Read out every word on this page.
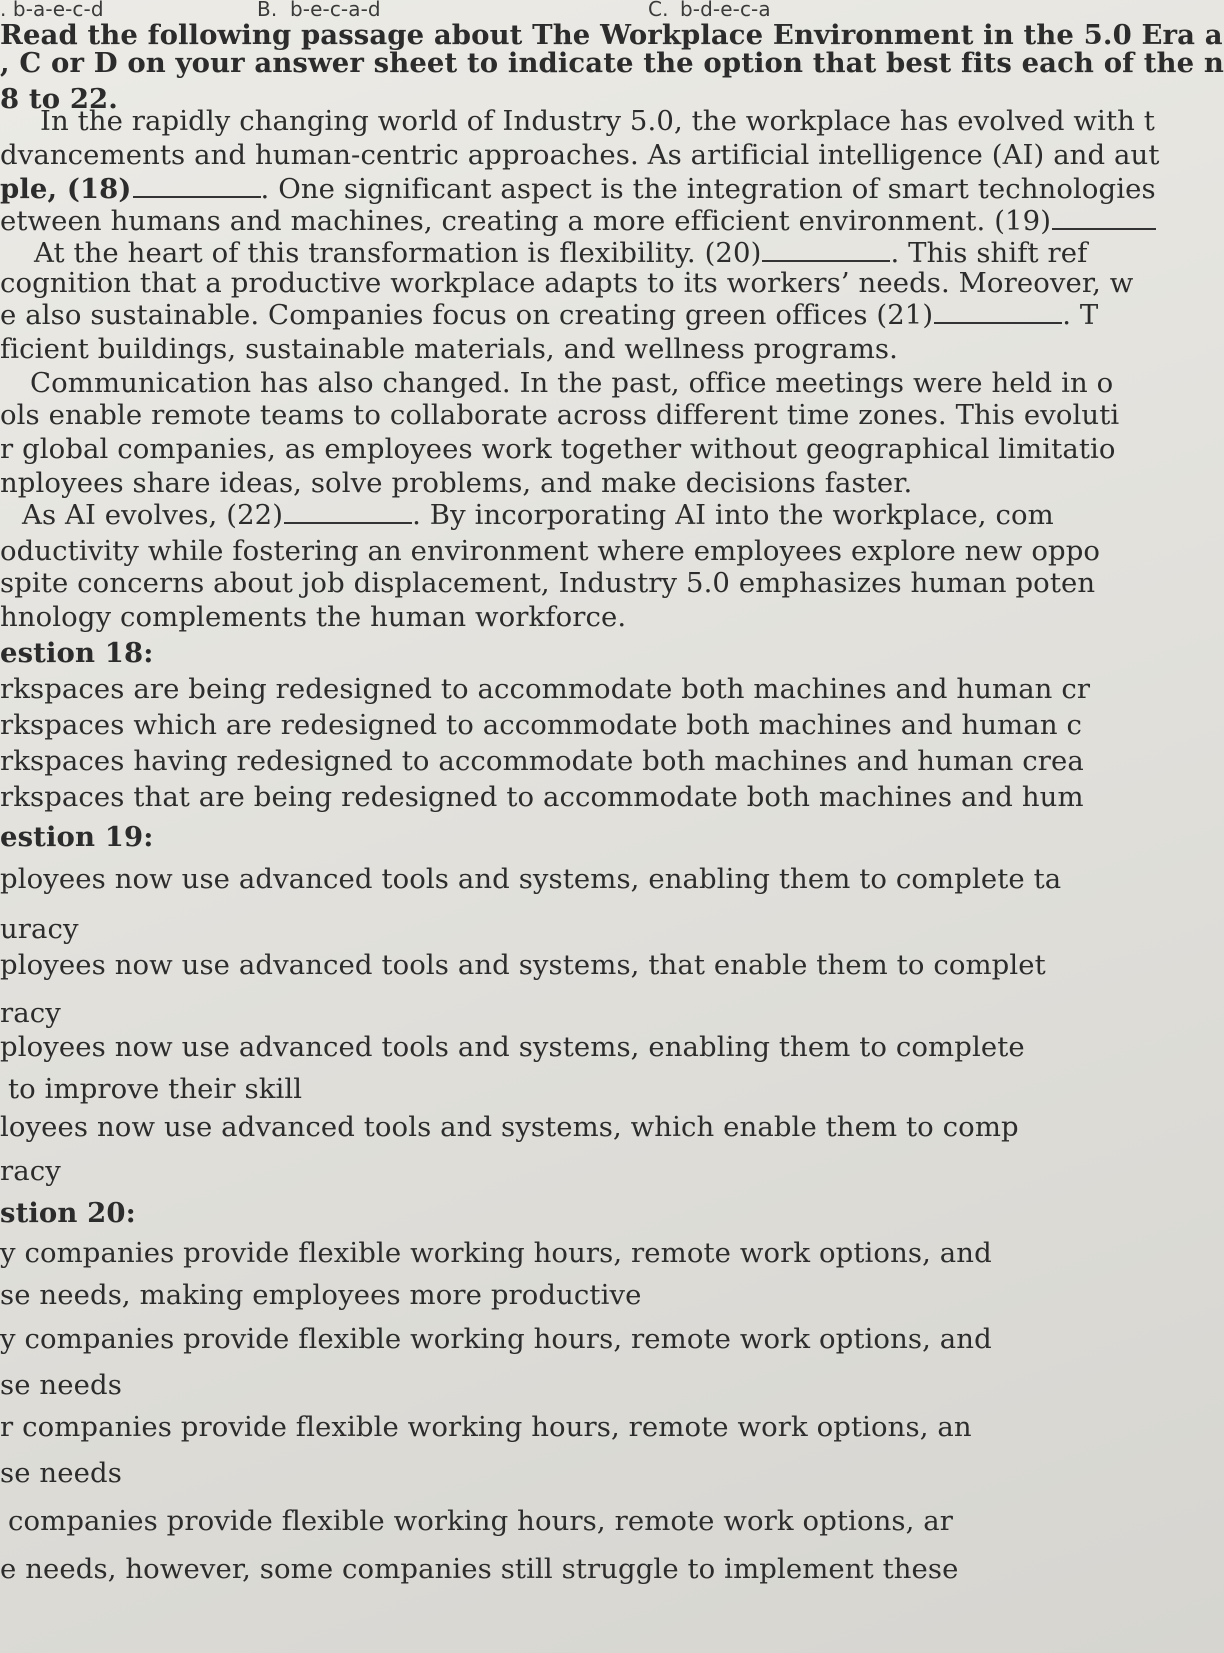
. b-a-e-c-d	B. b-e-c-a-d	C. b-d-e-c-a
Read the following passage about The Workplace Environment in the 5.0 Era a
, C or D on your answer sheet to indicate the option that best fits each of the n
8 to 22.
In the rapidly changing world of Industry 5.0, the workplace has evolved with t
dvancements and human-centric approaches. As artificial intelligence (AI) and aut
ple, (18)	. One significant aspect is the integration of smart technologies
etween humans and machines, creating a more efficient environment. (19)
At the heart of this transformation is flexibility. (20)	. This shift ref
cognition that a productive workplace adapts to its workers’ needs. Moreover, w
e also sustainable. Companies focus on creating green offices (21)	. T
ficient buildings, sustainable materials, and wellness programs.
Communication has also changed. In the past, office meetings were held in o
ols enable remote teams to collaborate across different time zones. This evoluti
r global companies, as employees work together without geographical limitatio
nployees share ideas, solve problems, and make decisions faster.
As AI evolves, (22)	. By incorporating AI into the workplace, com
oductivity while fostering an environment where employees explore new oppo
spite concerns about job displacement, Industry 5.0 emphasizes human poten
hnology complements the human workforce.
estion 18:
rkspaces are being redesigned to accommodate both machines and human cr
rkspaces which are redesigned to accommodate both machines and human c
rkspaces having redesigned to accommodate both machines and human crea
rkspaces that are being redesigned to accommodate both machines and hum
estion 19:
ployees now use advanced tools and systems, enabling them to complete ta
uracy
ployees now use advanced tools and systems, that enable them to complet
racy
ployees now use advanced tools and systems, enabling them to complete
to improve their skill
loyees now use advanced tools and systems, which enable them to comp
racy
stion 20:
y companies provide flexible working hours, remote work options, and
se needs, making employees more productive
y companies provide flexible working hours, remote work options, and
se needs
r companies provide flexible working hours, remote work options, an
se needs
companies provide flexible working hours, remote work options, ar
e needs, however, some companies still struggle to implement these
